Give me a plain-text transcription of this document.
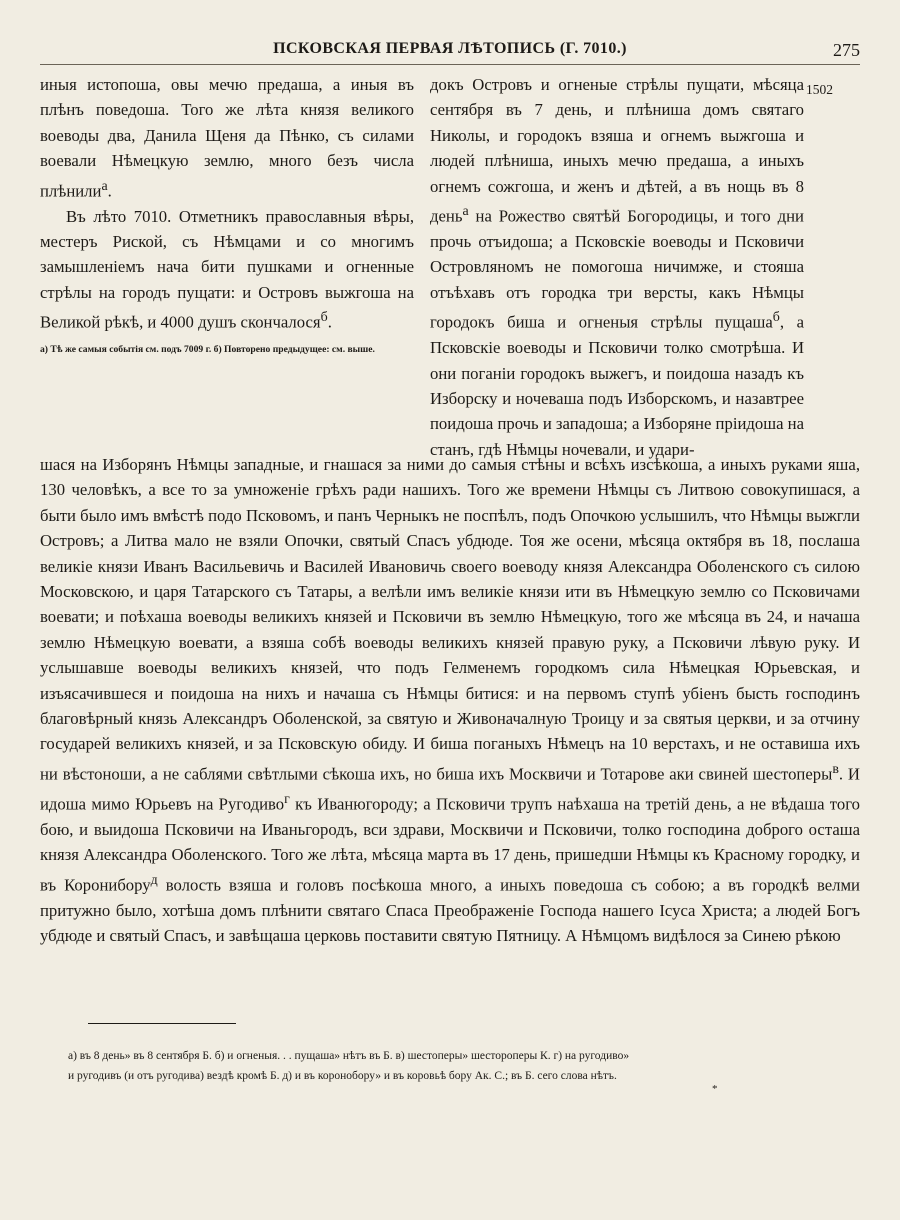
ПСКОВСКАЯ ПЕРВАЯ ЛѢТОПИСЬ (Г. 7010.)	275

иныя истопоша, овы мечю предаша, а иныя въ плѣнъ поведоша. Того же лѣта князя великого воеводы два, Данила Щеня да Пѣнко, съ силами воевали Нѣмецкую землю, много безъ числа плѣнили$^а$.

Въ лѣто 7010. Отметникъ православныя вѣры, местеръ Риской, съ Нѣмцами и со многимъ замышленіемъ нача бити пушками и огненные стрѣлы на городъ пущати: и Островъ выжгоша на Великой рѣкѣ, и 4000 душъ скончалося$^б$.

а) Тѣ же самыя событія см. подъ 7009 г. б) Повторено предыдущее: см. выше.

докъ Островъ и огненые стрѣлы пущати, мѣсяца сентября въ 7 день, и плѣниша домъ святаго Николы, и городокъ взяша и огнемъ выжгоша и людей плѣниша, иныхъ мечю предаша, а иныхъ огнемъ сожгоша, и женъ и дѣтей, а въ нощь въ 8 день$^а$ на Рожество святѣй Богородицы, и того дни прочь отъидоша; а Псковскіе воеводы и Псковичи Островляномъ не помогоша ничимже, и стояша отъѣхавъ отъ городка три версты, какъ Нѣмцы городокъ биша и огненыя стрѣлы пущаша$^б$, а Псковскіе воеводы и Псковичи толко смотрѣша. И они поганіи городокъ выжегъ, и поидоша назадъ къ Изборску и ночеваша подъ Изборскомъ, и назавтрее поидоша прочь и западоша; а Изборяне пріидоша на станъ, гдѣ Нѣмцы ночевали, и удари-

1502

шася на Изборянъ Нѣмцы западные, и гнашася за ними до самыя стѣны и всѣхъ изсѣкоша, а иныхъ руками яша, 130 человѣкъ, а все то за умноженіе грѣхъ ради нашихъ. Того же времени Нѣмцы съ Литвою совокупишася, а быти было имъ вмѣстѣ подо Псковомъ, и панъ Черныкъ не поспѣлъ, подъ Опочкою услышилъ, что Нѣмцы выжгли Островъ; а Литва мало не взяли Опочки, святый Спасъ убдюде. Тоя же осени, мѣсяца октября въ 18, послаша великіе князи Иванъ Васильевичь и Василей Ивановичь своего воеводу князя Александра Оболенского съ силою Московскою, и царя Татарского съ Татары, а велѣли имъ великіе князи ити въ Нѣмецкую землю со Псковичами воевати; и поѣхаша воеводы великихъ князей и Псковичи въ землю Нѣмецкую, того же мѣсяца въ 24, и начаша землю Нѣмецкую воевати, а взяша собѣ воеводы великихъ князей правую руку, а Псковичи лѣвую руку. И услышавше воеводы великихъ князей, что подъ Гелменемъ городкомъ сила Нѣмецкая Юрьевская, и изъясачившеся и поидоша на нихъ и начаша съ Нѣмцы битися: и на первомъ ступѣ убіенъ бысть господинъ благовѣрный князь Александръ Оболенской, за святую и Живоначалную Троицу и за святыя церкви, и за отчину государей великихъ князей, и за Псковскую обиду. И биша поганыхъ Нѣмецъ на 10 верстахъ, и не оставиша ихъ ни вѣстоноши, а не саблями свѣтлыми сѣкоша ихъ, но биша ихъ Москвичи и Тотарове аки свиней шестоперы$^в$. И идоша мимо Юрьевъ на Ругодиво$^г$ къ Иванюгороду; а Псковичи трупъ наѣхаша на третій день, а не вѣдаша того бою, и выидоша Псковичи на Иваньгородъ, вси здрави, Москвичи и Псковичи, толко господина доброго осташа князя Александра Оболенского. Того же лѣта, мѣсяца марта въ 17 день, пришедши Нѣмцы къ Красному городку, и въ Коронибору$^д$ волость взяша и головъ посѣкоша много, а иныхъ поведоша съ собою; а въ городкѣ велми притужно было, хотѣша домъ плѣнити святаго Спаса Преображеніе Господа нашего Ісуса Христа; а людей Богъ убдюде и святый Спасъ, и завѣщаша церковь поставити святую Пятницу. А Нѣмцомъ видѣлося за Синею рѣкою

а) въ 8 день» въ 8 сентября Б. б) и огненыя. . . пущаша» нѣтъ въ Б. в) шестоперы» шестороперы К. г) на ругодиво»

и ругодивъ (и отъ ругодива) вездѣ кромѣ Б. д) и въ коронобору» и въ коровьѣ бору Ак. С.; въ Б. сего слова нѣтъ.

*
